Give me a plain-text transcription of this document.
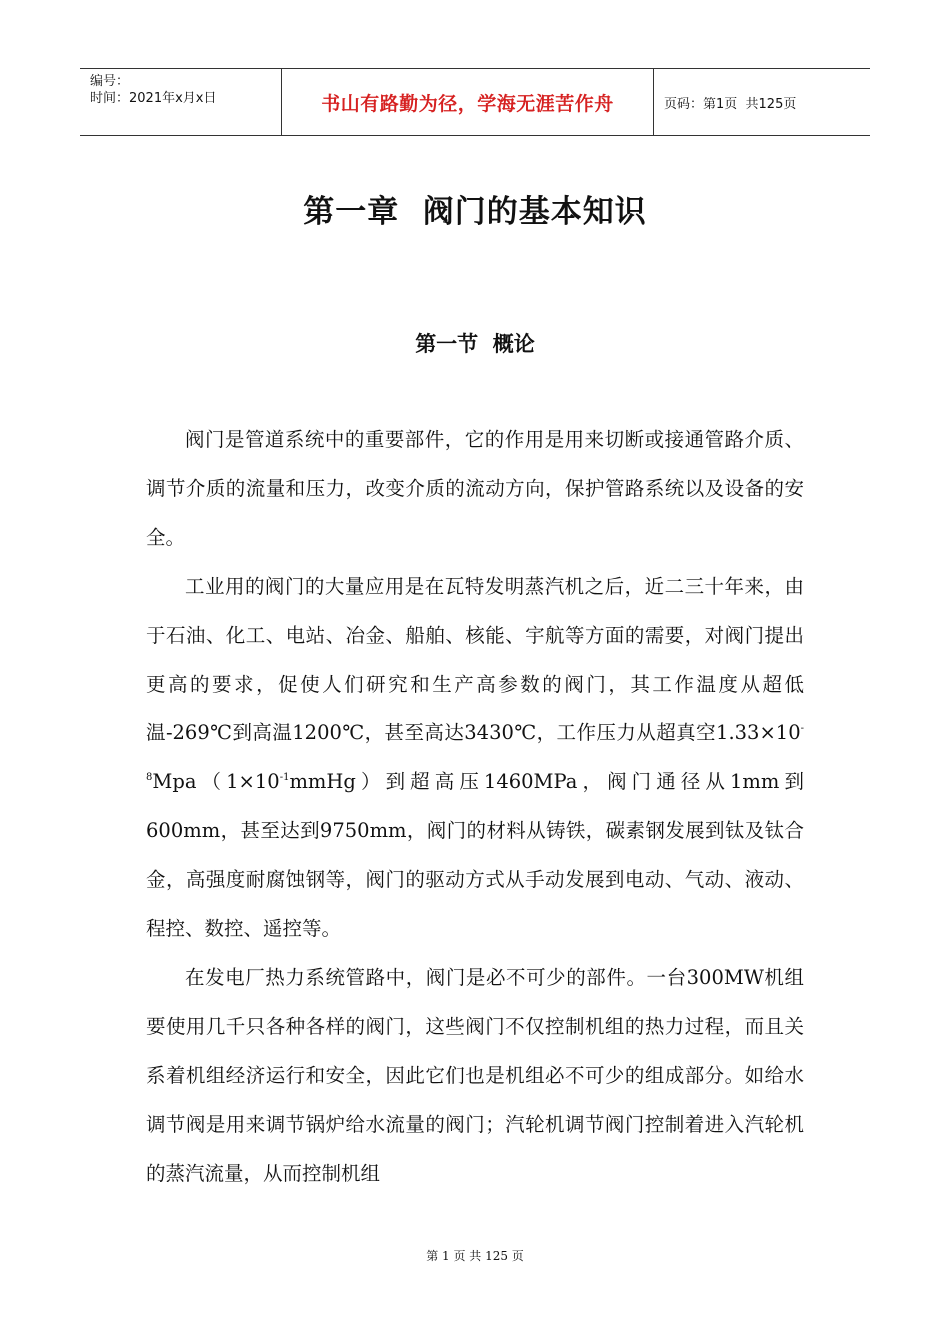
编号：
时间：2021年x月x日	书山有路勤为径，学海无涯苦作舟	页码：第1页  共125页
第一章  阀门的基本知识
第一节  概论

阀门是管道系统中的重要部件，它的作用是用来切断或接通管路介质、调节介质的流量和压力，改变介质的流动方向，保护管路系统以及设备的安全。

工业用的阀门的大量应用是在瓦特发明蒸汽机之后，近二三十年来，由于石油、化工、电站、冶金、船舶、核能、宇航等方面的需要，对阀门提出更高的要求，促使人们研究和生产高参数的阀门，其工作温度从超低温-269℃到高温1200℃，甚至高达3430℃，工作压力从超真空$1.33\times 10^{-8}Mpa(1\times 10^{-1}mmHg)$到超高压1460MPa，阀门通径从1mm到600mm，甚至达到9750mm，阀门的材料从铸铁，碳素钢发展到钛及钛合金，高强度耐腐蚀钢等，阀门的驱动方式从手动发展到电动、气动、液动、程控、数控、遥控等。

在发电厂热力系统管路中，阀门是必不可少的部件。一台300MW机组要使用几千只各种各样的阀门，这些阀门不仅控制机组的热力过程，而且关系着机组经济运行和安全，因此它们也是机组必不可少的组成部分。如给水调节阀是用来调节锅炉给水流量的阀门；汽轮机调节阀门控制着进入汽轮机的蒸汽流量，从而控制机组

第 1 页 共 125 页
